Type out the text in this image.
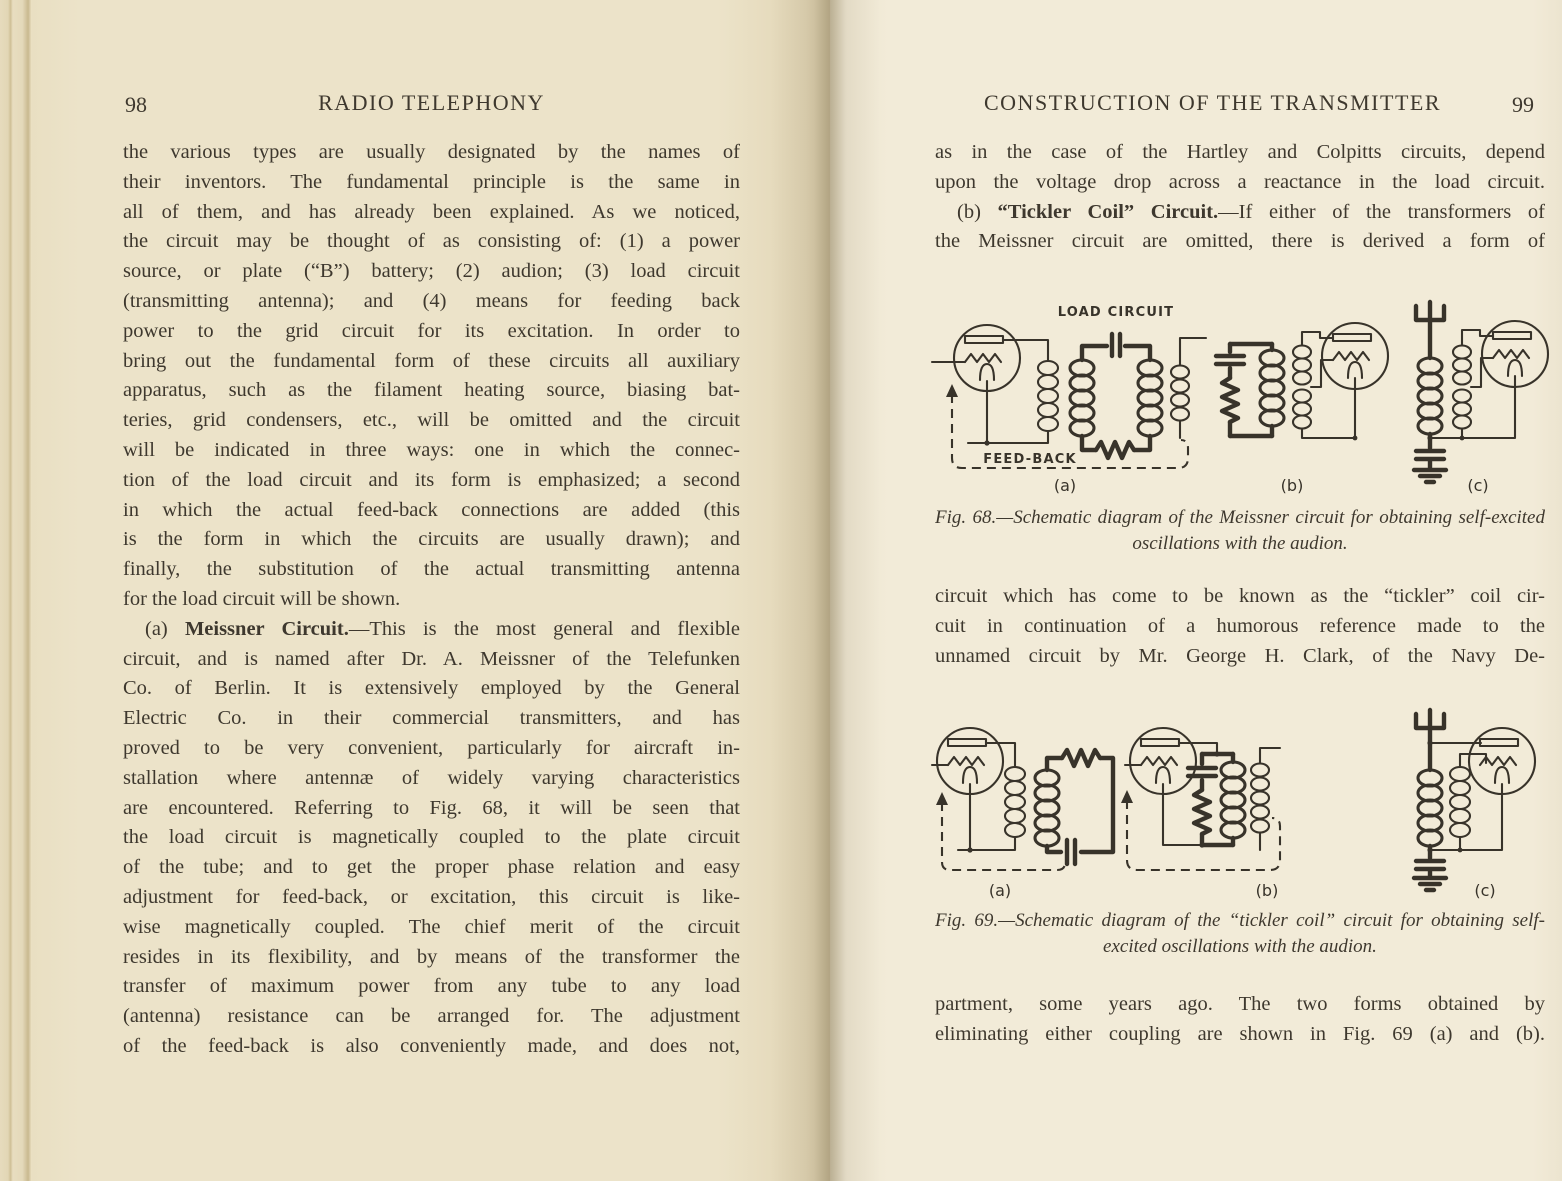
98	RADIO TELEPHONY
the various types are usually designated by the names of
their inventors. The fundamental principle is the same in
all of them, and has already been explained. As we noticed,
the circuit may be thought of as consisting of: (1) a power
source, or plate (“B”) battery; (2) audion; (3) load circuit
(transmitting antenna); and (4) means for feeding back
power to the grid circuit for its excitation. In order to
bring out the fundamental form of these circuits all auxiliary
apparatus, such as the filament heating source, biasing bat-
teries, grid condensers, etc., will be omitted and the circuit
will be indicated in three ways: one in which the connec-
tion of the load circuit and its form is emphasized; a second
in which the actual feed-back connections are added (this
is the form in which the circuits are usually drawn); and
finally, the substitution of the actual transmitting antenna
for the load circuit will be shown.
(a) Meissner Circuit.—This is the most general and flexible
circuit, and is named after Dr. A. Meissner of the Telefunken
Co. of Berlin. It is extensively employed by the General
Electric Co. in their commercial transmitters, and has
proved to be very convenient, particularly for aircraft in-
stallation where antennæ of widely varying characteristics
are encountered. Referring to Fig. 68, it will be seen that
the load circuit is magnetically coupled to the plate circuit
of the tube; and to get the proper phase relation and easy
adjustment for feed-back, or excitation, this circuit is like-
wise magnetically coupled. The chief merit of the circuit
resides in its flexibility, and by means of the transformer the
transfer of maximum power from any tube to any load
(antenna) resistance can be arranged for. The adjustment
of the feed-back is also conveniently made, and does not,
CONSTRUCTION OF THE TRANSMITTER	99
as in the case of the Hartley and Colpitts circuits, depend
upon the voltage drop across a reactance in the load circuit.
(b) “Tickler Coil” Circuit.—If either of the transformers of
the Meissner circuit are omitted, there is derived a form of
FEED-BACK
LOAD CIRCUIT
(a)	(b)	(c)
Fig. 68.—Schematic diagram of the Meissner circuit for obtaining self-excited
oscillations with the audion.
circuit which has come to be known as the “tickler” coil cir-
cuit in continuation of a humorous reference made to the
unnamed circuit by Mr. George H. Clark, of the Navy De-
(a)	(b)	(c)
Fig. 69.—Schematic diagram of the “tickler coil” circuit for obtaining self-
excited oscillations with the audion.
partment, some years ago. The two forms obtained by
eliminating either coupling are shown in Fig. 69 (a) and (b).
